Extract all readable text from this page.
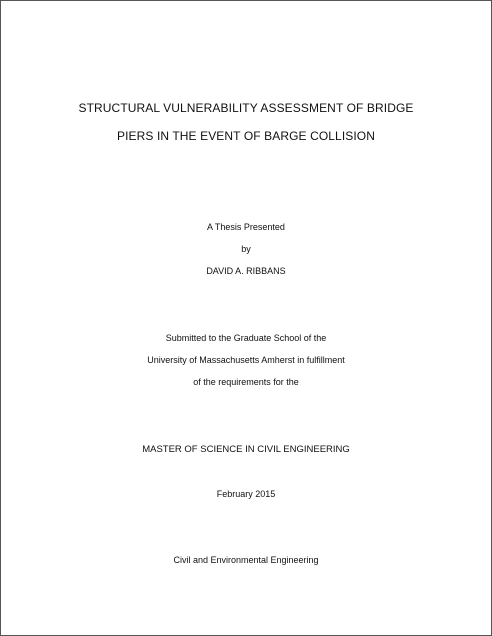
STRUCTURAL VULNERABILITY ASSESSMENT OF BRIDGE
PIERS IN THE EVENT OF BARGE COLLISION
A Thesis Presented
by
DAVID A. RIBBANS
Submitted to the Graduate School of the
University of Massachusetts Amherst in fulfillment
of the requirements for the
MASTER OF SCIENCE IN CIVIL ENGINEERING
February 2015
Civil and Environmental Engineering
